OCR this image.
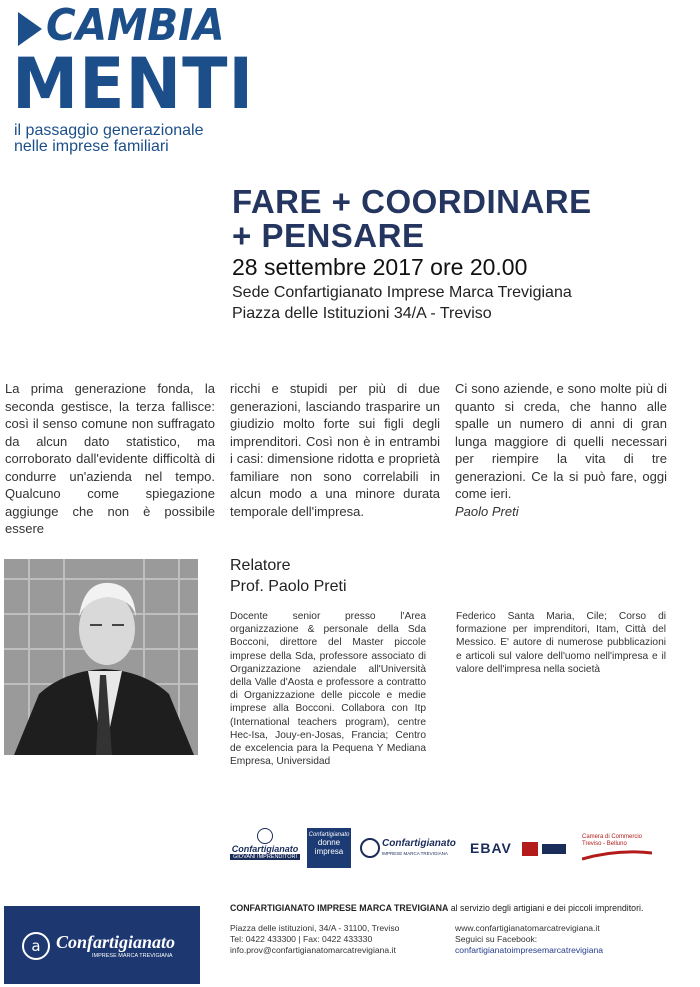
CAMBIA
MENTI
il passaggio generazionale
nelle imprese familiari
FARE + COORDINARE
+ PENSARE
28 settembre 2017 ore 20.00
Sede Confartigianato Imprese Marca Trevigiana
Piazza delle Istituzioni 34/A - Treviso
La prima generazione fonda, la seconda gestisce, la terza fallisce: così il senso comune non suffragato da alcun dato statistico, ma corroborato dall'evidente difficoltà di condurre un'azienda nel tempo. Qualcuno come spiegazione aggiunge che non è possibile essere
ricchi e stupidi per più di due generazioni, lasciando trasparire un giudizio molto forte sui figli degli imprenditori. Così non è in entrambi i casi: dimensione ridotta e proprietà familiare non sono correlabili in alcun modo a una minore durata temporale dell'impresa.
Ci sono aziende, e sono molte più di quanto si creda, che hanno alle spalle un numero di anni di gran lunga maggiore di quelli necessari per riempire la vita di tre generazioni. Ce la si può fare, oggi come ieri.
Paolo Preti
Relatore
Prof. Paolo Preti
Docente senior presso l'Area organizzazione & personale della Sda Bocconi, direttore del Master piccole imprese della Sda, professore associato di Organizzazione aziendale all'Università della Valle d'Aosta e professore a contratto di Organizzazione delle piccole e medie imprese alla Bocconi. Collabora con Itp (International teachers program), centre Hec-Isa, Jouy-en-Josas, Francia; Centro de excelencia para la Pequena Y Mediana Empresa, Universidad
Federico Santa Maria, Cile; Corso di formazione per imprenditori, Itam, Città del Messico. E' autore di numerose pubblicazioni e articoli sul valore dell'uomo nell'impresa e il valore dell'impresa nella società
Confartigianato
GIOVANI IMPRENDITORI
Confartigianato
donne impresa
Confartigianato
IMPRESE MARCA TREVIGIANA EBAV
Camera di Commercio
Treviso - Belluno
a Confartigianato
IMPRESE MARCA TREVIGIANA
CONFARTIGIANATO IMPRESE MARCA TREVIGIANA al servizio degli artigiani e dei piccoli imprenditori.
Piazza delle istituzioni, 34/A - 31100, Treviso
Tel: 0422 433300 | Fax: 0422 433330
info.prov@confartigianatomarcatrevigiana.it
www.confartigianatomarcatrevigiana.it
Seguici su Facebook:
confartigianatoimpresemarcatrevigiana
